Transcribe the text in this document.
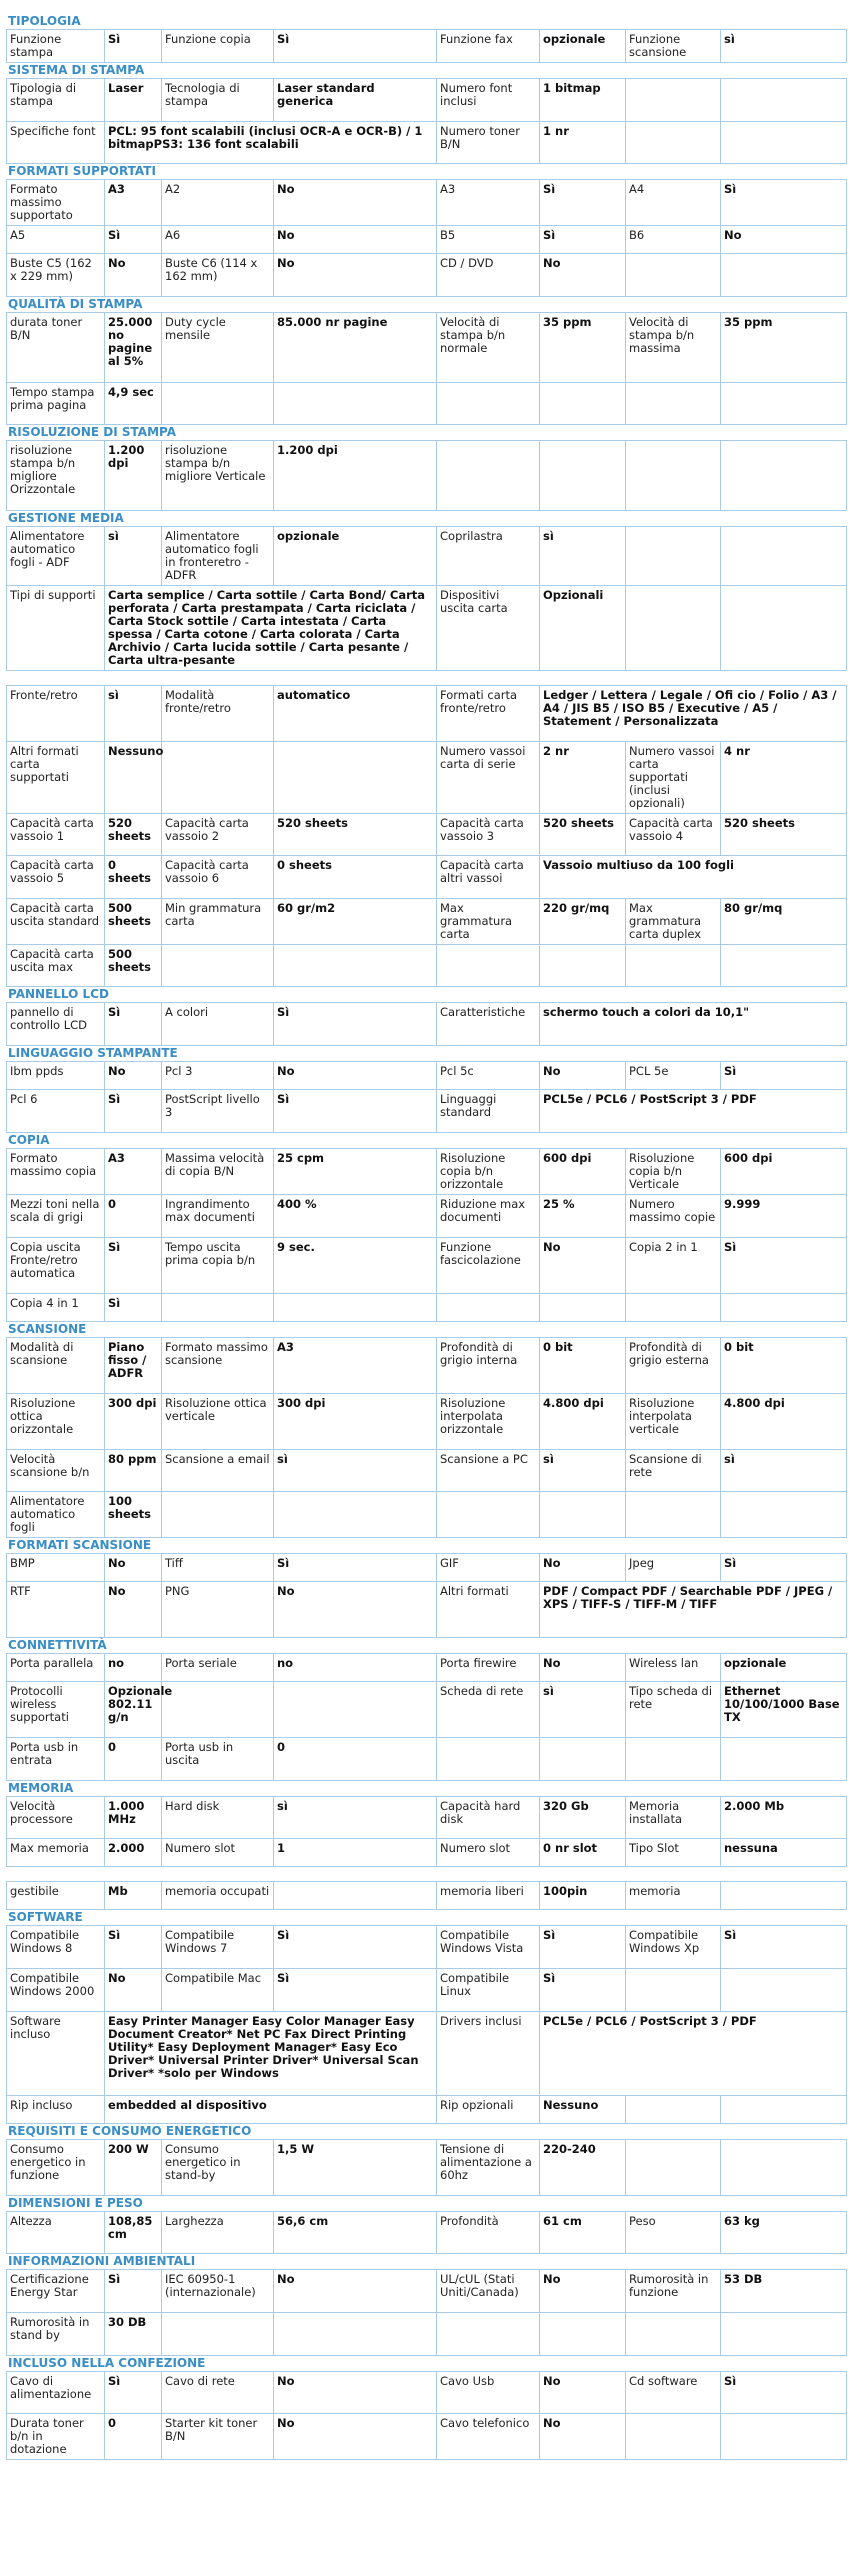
TIPOLOGIA
Funzione stampa	Sì	Funzione copia	Sì	Funzione fax	opzionale	Funzione scansione	sì
SISTEMA DI STAMPA
Tipologia di stampa	Laser	Tecnologia di stampa	Laser standard generica	Numero font inclusi	1 bitmap		
Specifiche font	PCL: 95 font scalabili (inclusi OCR-A e OCR-B) / 1 bitmapPS3: 136 font scalabili			Numero toner B/N	1 nr		
FORMATI SUPPORTATI
Formato massimo supportato	A3	A2	No	A3	Sì	A4	Sì
A5	Sì	A6	No	B5	Sì	B6	No
Buste C5 (162 x 229 mm)	No	Buste C6 (114 x 162 mm)	No	CD / DVD	No		
QUALITÀ DI STAMPA
durata toner B/N	25.000 no pagine al 5%	Duty cycle mensile	85.000 nr pagine	Velocità di stampa b/n normale	35 ppm	Velocità di stampa b/n massima	35 ppm
Tempo stampa prima pagina	4,9 sec						
RISOLUZIONE DI STAMPA
risoluzione stampa b/n migliore Orizzontale	1.200 dpi	risoluzione stampa b/n migliore Verticale	1.200 dpi				
GESTIONE MEDIA
Alimentatore automatico fogli - ADF	sì	Alimentatore automatico fogli in fronteretro - ADFR	opzionale	Coprilastra	sì		
Tipi di supporti	Carta semplice / Carta sottile / Carta Bond/ Carta perforata / Carta prestampata / Carta riciclata / Carta Stock sottile / Carta intestata / Carta spessa / Carta cotone / Carta colorata / Carta Archivio / Carta lucida sottile / Carta pesante / Carta ultra-pesante			Dispositivi uscita carta	Opzionali		
Fronte/retro	sì	Modalità fronte/retro	automatico	Formati carta fronte/retro	Ledger / Lettera / Legale / Ofi cio / Folio / A3 / A4 / JIS B5 / ISO B5 / Executive / A5 / Statement / Personalizzata		
Altri formati carta supportati	Nessuno			Numero vassoi carta di serie	2 nr	Numero vassoi carta supportati (inclusi opzionali)	4 nr
Capacità carta vassoio 1	520 sheets	Capacità carta vassoio 2	520 sheets	Capacità carta vassoio 3	520 sheets	Capacità carta vassoio 4	520 sheets
Capacità carta vassoio 5	0 sheets	Capacità carta vassoio 6	0 sheets	Capacità carta altri vassoi	Vassoio multiuso da 100 fogli		
Capacità carta uscita standard	500 sheets	Min grammatura carta	60 gr/m2	Max grammatura carta	220 gr/mq	Max grammatura carta duplex	80 gr/mq
Capacità carta uscita max	500 sheets						
PANNELLO LCD
pannello di controllo LCD	Sì	A colori	Sì	Caratteristiche	schermo touch a colori da 10,1"
LINGUAGGIO STAMPANTE
Ibm ppds	No	Pcl 3	No	Pcl 5c	No	PCL 5e	Sì
Pcl 6	Sì	PostScript livello 3	Sì	Linguaggi standard	PCL5e / PCL6 / PostScript 3 / PDF		
COPIA
Formato massimo copia	A3	Massima velocità di copia B/N	25 cpm	Risoluzione copia b/n orizzontale	600 dpi	Risoluzione copia b/n Verticale	600 dpi
Mezzi toni nella scala di grigi	0	Ingrandimento max documenti	400 %	Riduzione max documenti	25 %	Numero massimo copie	9.999
Copia uscita Fronte/retro automatica	Sì	Tempo uscita prima copia b/n	9 sec.	Funzione fascicolazione	No	Copia 2 in 1	Sì
Copia 4 in 1	Sì						
SCANSIONE
Modalità di scansione	Piano fisso / ADFR	Formato massimo scansione	A3	Profondità di grigio interna	0 bit	Profondità di grigio esterna	0 bit
Risoluzione ottica orizzontale	300 dpi	Risoluzione ottica verticale	300 dpi	Risoluzione interpolata orizzontale	4.800 dpi	Risoluzione interpolata verticale	4.800 dpi
Velocità scansione b/n	80 ppm	Scansione a email	sì	Scansione a PC	sì	Scansione di rete	sì
Alimentatore automatico fogli	100 sheets						
FORMATI SCANSIONE
BMP	No	Tiff	Sì	GIF	No	Jpeg	Sì
RTF	No	PNG	No	Altri formati	PDF / Compact PDF / Searchable PDF / JPEG / XPS / TIFF-S / TIFF-M / TIFF		
CONNETTIVITÀ
Porta parallela	no	Porta seriale	no	Porta firewire	No	Wireless lan	opzionale
Protocolli wireless supportati	Opzionale 802.11 g/n			Scheda di rete	sì	Tipo scheda di rete	Ethernet 10/100/1000 Base TX
Porta usb in entrata	0	Porta usb in uscita	0				
MEMORIA
Velocità processore	1.000 MHz	Hard disk	sì	Capacità hard disk	320 Gb	Memoria installata	2.000 Mb
Max memoria	2.000	Numero slot	1	Numero slot	0 nr slot	Tipo Slot	nessuna
gestibile	Mb	memoria occupati		memoria liberi	100pin	memoria	
SOFTWARE
Compatibile Windows 8	Sì	Compatibile Windows 7	Sì	Compatibile Windows Vista	Sì	Compatibile Windows Xp	Sì
Compatibile Windows 2000	No	Compatibile Mac	Sì	Compatibile Linux	Sì		
Software incluso	Easy Printer Manager Easy Color Manager Easy Document Creator* Net PC Fax Direct Printing Utility* Easy Deployment Manager* Easy Eco Driver* Universal Printer Driver* Universal Scan Driver* *solo per Windows			Drivers inclusi	PCL5e / PCL6 / PostScript 3 / PDF		
Rip incluso	embedded al dispositivo			Rip opzionali	Nessuno		
REQUISITI E CONSUMO ENERGETICO
Consumo energetico in funzione	200 W	Consumo energetico in stand-by	1,5 W	Tensione di alimentazione a 60hz	220-240		
DIMENSIONI E PESO
Altezza	108,85 cm	Larghezza	56,6 cm	Profondità	61 cm	Peso	63 kg
INFORMAZIONI AMBIENTALI
Certificazione Energy Star	Sì	IEC 60950-1 (internazionale)	No	UL/cUL (Stati Uniti/Canada)	No	Rumorosità in funzione	53 DB
Rumorosità in stand by	30 DB						
INCLUSO NELLA CONFEZIONE
Cavo di alimentazione	Sì	Cavo di rete	No	Cavo Usb	No	Cd software	Sì
Durata toner b/n in dotazione	0	Starter kit toner B/N	No	Cavo telefonico	No		
